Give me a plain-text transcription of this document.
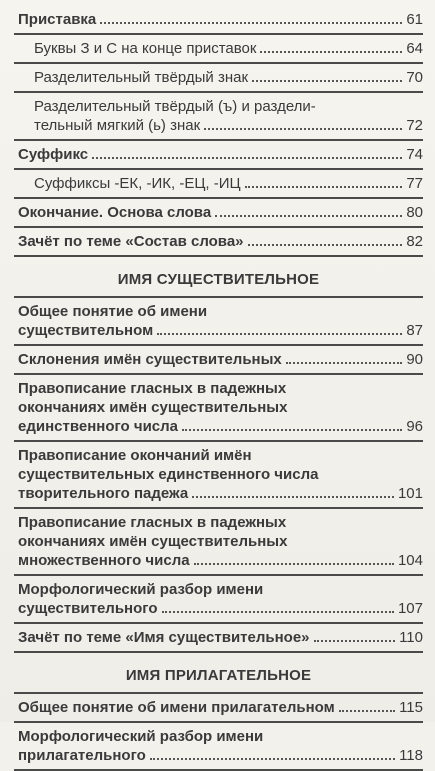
Приставка	61
Буквы З и С на конце приставок	64
Разделительный твёрдый знак	70
Разделительный твёрдый (ъ) и раздели-
тельный мягкий (ь) знак	72
Суффикс	74
Суффиксы -ЕК, -ИК, -ЕЦ, -ИЦ	77
Окончание. Основа слова	80
Зачёт по теме «Состав слова»	82
ИМЯ СУЩЕСТВИТЕЛЬНОЕ
Общее понятие об имени
существительном	87
Склонения имён существительных	90
Правописание гласных в падежных
окончаниях имён существительных
единственного числа	96
Правописание окончаний имён
существительных единственного числа
творительного падежа	101
Правописание гласных в падежных
окончаниях имён существительных
множественного числа	104
Морфологический разбор имени
существительного	107
Зачёт по теме «Имя существительное»	110
ИМЯ ПРИЛАГАТЕЛЬНОЕ
Общее понятие об имени прилагательном	115
Морфологический разбор имени
прилагательного	118
